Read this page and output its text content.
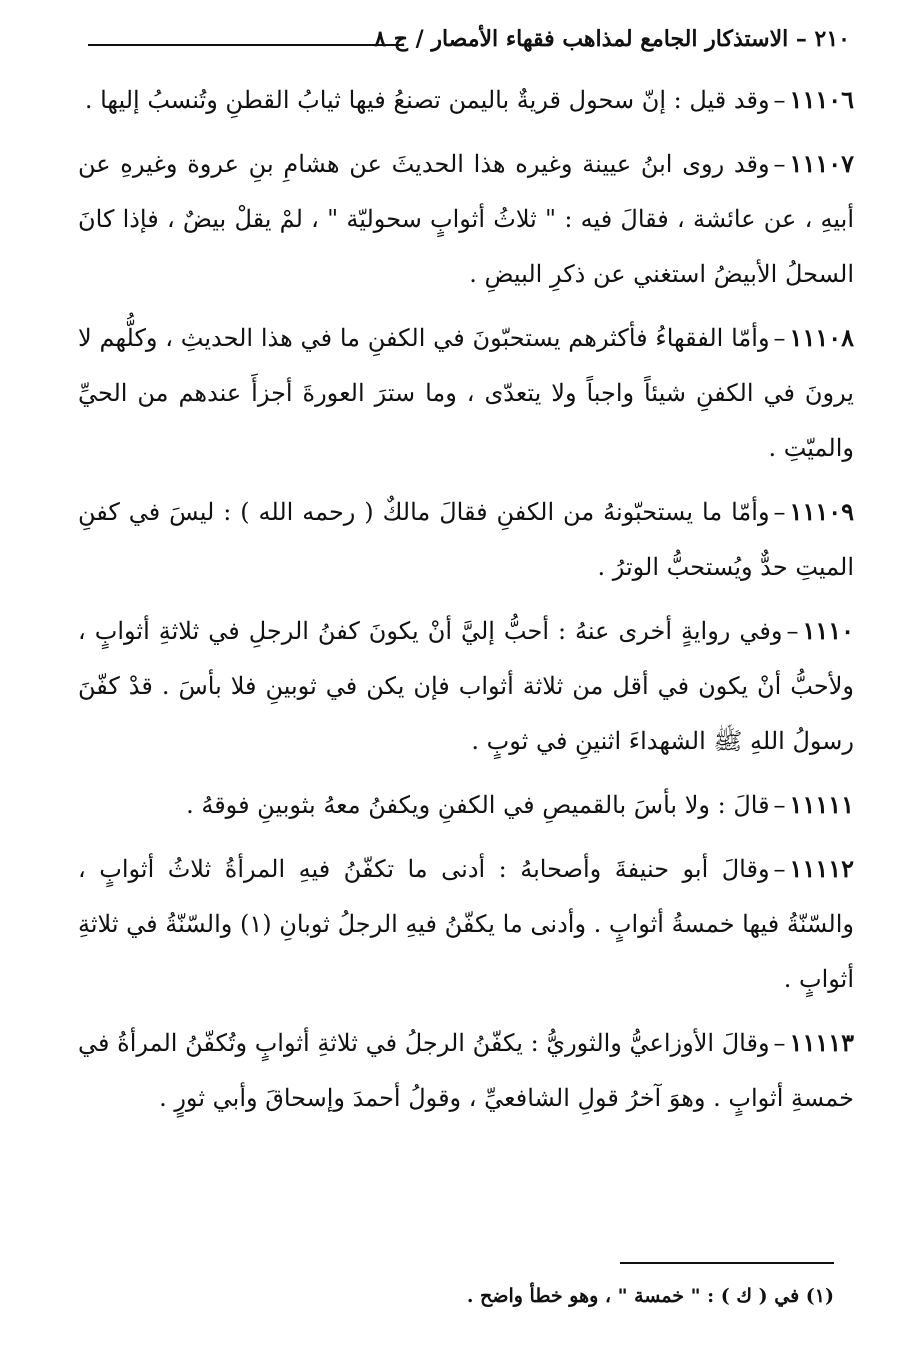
٢١٠ – الاستذكار الجامع لمذاهب فقهاء الأمصار / ج ٨

١١١٠٦–وقد قيل : إنّ سحول قريةٌ باليمن تصنعُ فيها ثيابُ القطنِ وتُنسبُ إليها .

١١١٠٧–وقد روى ابنُ عيينة وغيره هذا الحديثَ عن هشامِ بنِ عروة وغيرهِ عن أبيهِ ، عن عائشة ، فقالَ فيه : " ثلاثُ أثوابٍ سحوليّة " ، لمْ يقلْ بيضٌ ، فإذا كانَ السحلُ الأبيضُ استغني عن ذكرِ البيضِ .

١١١٠٨–وأمّا الفقهاءُ فأكثرهم يستحبّونَ في الكفنِ ما في هذا الحديثِ ، وكلُّهم لا يرونَ في الكفنِ شيئاً واجباً ولا يتعدّى ، وما سترَ العورةَ أجزأَ عندهم من الحيِّ والميّتِ .

١١١٠٩–وأمّا ما يستحبّونهُ من الكفنِ فقالَ مالكٌ ( رحمه الله ) : ليسَ في كفنِ الميتِ حدٌّ ويُستحبُّ الوترُ .

١١١٠–وفي روايةٍ أخرى عنهُ : أحبُّ إليَّ أنْ يكونَ كفنُ الرجلِ في ثلاثةِ أثوابٍ ، ولأحبُّ أنْ يكون في أقل من ثلاثة أثواب فإن يكن في ثوبينِ فلا بأسَ . قدْ كفّنَ رسولُ اللهِ ﷺ الشهداءَ اثنينِ في ثوبٍ .

١١١١١–قالَ : ولا بأسَ بالقميصِ في الكفنِ ويكفنُ معهُ بثوبينِ فوقهُ .

١١١١٢–وقالَ أبو حنيفةَ وأصحابهُ : أدنى ما تكفّنُ فيهِ المرأةُ ثلاثُ أثوابٍ ، والسّنّةُ فيها خمسةُ أثوابٍ . وأدنى ما يكفّنُ فيهِ الرجلُ ثوبانِ (١) والسّنّةُ في ثلاثةِ أثوابٍ .

١١١١٣–وقالَ الأوزاعيُّ والثوريُّ : يكفّنُ الرجلُ في ثلاثةِ أثوابٍ وتُكفّنُ المرأةُ في خمسةِ أثوابٍ . وهوَ آخرُ قولِ الشافعيِّ ، وقولُ أحمدَ وإسحاقَ وأبي ثورٍ .

(١) في ( ك ) : " خمسة " ، وهو خطأ واضح .
